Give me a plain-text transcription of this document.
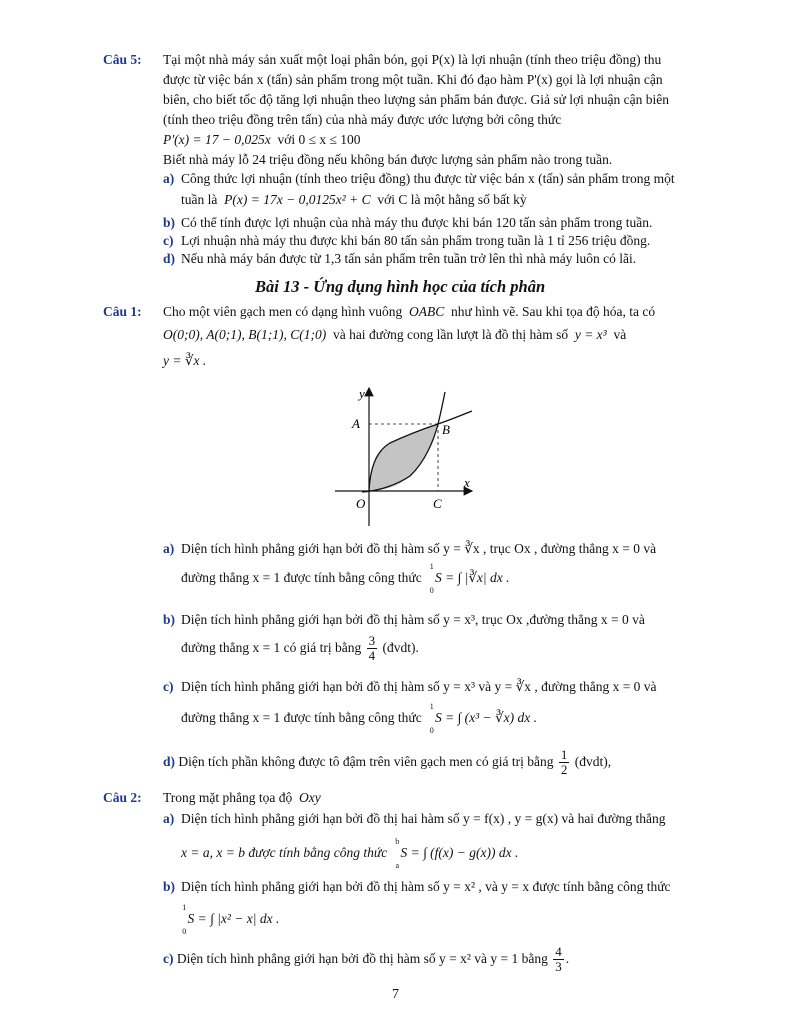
Câu 5: Tại một nhà máy sản xuất một loại phân bón, gọi P(x) là lợi nhuận (tính theo triệu đồng) thu
được từ việc bán x (tấn) sản phẩm trong một tuần. Khi đó đạo hàm P'(x) gọi là lợi nhuận cận
biên, cho biết tốc độ tăng lợi nhuận theo lượng sản phẩm bán được. Giả sử lợi nhuận cận biên
(tính theo triệu đồng trên tấn) của nhà máy được ước lượng bởi công thức
P'(x) = 17 − 0,025x với 0 ≤ x ≤ 100
Biết nhà máy lỗ 24 triệu đồng nếu không bán được lượng sản phẩm nào trong tuần.
a) Công thức lợi nhuận (tính theo triệu đồng) thu được từ việc bán x (tấn) sản phẩm trong một
tuần là P(x) = 17x − 0,0125x² + C với C là một hằng số bất kỳ
b) Có thể tính được lợi nhuận của nhà máy thu được khi bán 120 tấn sản phẩm trong tuần.
c) Lợi nhuận nhà máy thu được khi bán 80 tấn sản phẩm trong tuần là 1 tỉ 256 triệu đồng.
d) Nếu nhà máy bán được từ 1,3 tấn sản phẩm trên tuần trở lên thì nhà máy luôn có lãi.
Bài 13 - Ứng dụng hình học của tích phân
Câu 1: Cho một viên gạch men có dạng hình vuông OABC như hình vẽ. Sau khi tọa độ hóa, ta có
O(0;0), A(0;1), B(1;1), C(1;0) và hai đường cong lần lượt là đồ thị hàm số y = x³ và
y = ∛x .
y
x
A	B
C
O
a) Diện tích hình phẳng giới hạn bởi đồ thị hàm số y = ∛x , trục Ox , đường thẳng x = 0 và
đường thẳng x = 1 được tính bằng công thức
1

0
S = ∫ |∛x| dx .
b) Diện tích hình phẳng giới hạn bởi đồ thị hàm số y = x³, trục Ox ,đường thẳng x = 0 và
đường thẳng x = 1 có giá trị bằng $\frac{3}{4}$ (đvdt).
c) Diện tích hình phẳng giới hạn bởi đồ thị hàm số y = x³ và y = ∛x , đường thẳng x = 0 và
đường thẳng x = 1 được tính bằng công thức
1

0
S = ∫ (x³ − ∛x) dx .
d) Diện tích phần không được tô đậm trên viên gạch men có giá trị bằng $\frac{1}{2}$ (đvdt),
Câu 2: Trong mặt phẳng tọa độ Oxy
a) Diện tích hình phẳng giới hạn bởi đồ thị hai hàm số y = f(x) , y = g(x) và hai đường thẳng
x = a, x = b được tính bằng công thức
b

a
S = ∫ (f(x) − g(x)) dx .
b) Diện tích hình phẳng giới hạn bởi đồ thị hàm số y = x² , và y = x được tính bằng công thức
1

0
S = ∫ |x² − x| dx .
c) Diện tích hình phẳng giới hạn bởi đồ thị hàm số y = x² và y = 1 bằng $\frac{4}{3}$ .
7
